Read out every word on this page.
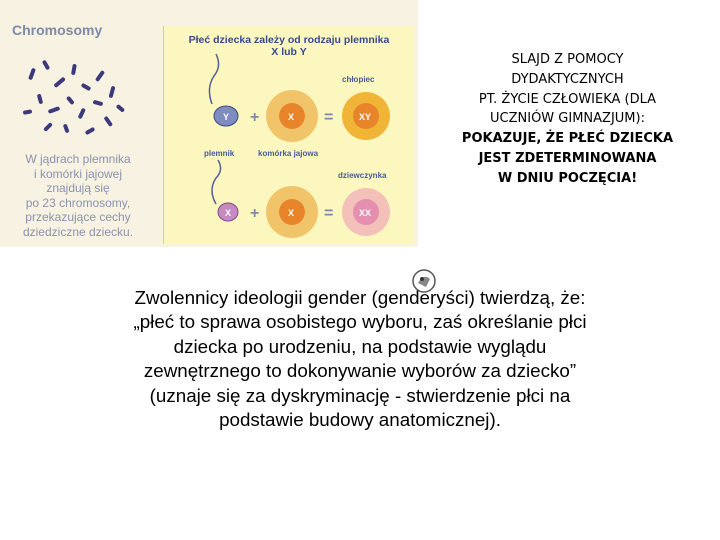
Chromosomy
W jądrach plemnika
i komórki jajowej
znajdują się
po 23 chromosomy,
przekazujące cechy
dziedziczne dziecku.
Płeć dziecka zależy od rodzaju plemnika
X lub Y
Y +	X =
chłopiec
XY
plemnik	komórka jajowa
X +	X =
dziewczynka
XX
SLAJD Z POMOCY
DYDAKTYCZNYCH
PT. ŻYCIE CZŁOWIEKA (DLA
UCZNIÓW GIMNAZJUM):
POKAZUJE, ŻE PŁEĆ DZIECKA
JEST ZDETERMINOWANA
W DNIU POCZĘCIA!
Zwolennicy ideologii gender (genderyści) twierdzą, że:
„płeć to sprawa osobistego wyboru, zaś określanie płci
dziecka po urodzeniu, na podstawie wyglądu
zewnętrznego to dokonywanie wyborów za dziecko”
(uznaje się za dyskryminację - stwierdzenie płci na
podstawie budowy anatomicznej).
